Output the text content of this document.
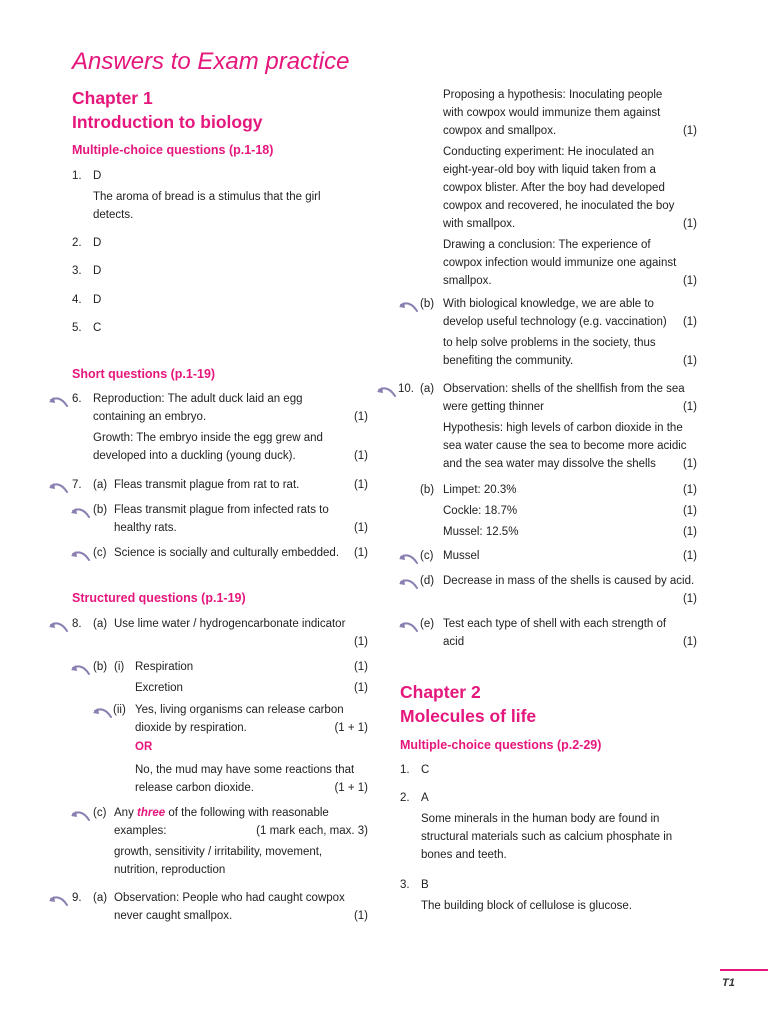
Answers to Exam practice
Chapter 1
Introduction to biology
Multiple-choice questions (p.1-18)
1. D
The aroma of bread is a stimulus that the girl
detects.
2. D
3. D
4. D
5. C
Short questions (p.1-19)
6. Reproduction: The adult duck laid an egg
containing an embryo.	(1)
Growth: The embryo inside the egg grew and
developed into a duckling (young duck).	(1)
7. (a) Fleas transmit plague from rat to rat.	(1)
(b) Fleas transmit plague from infected rats to
healthy rats.	(1)
(c) Science is socially and culturally embedded. (1)
Structured questions (p.1-19)
8. (a) Use lime water / hydrogencarbonate indicator
(1)
(b) (i) Respiration	(1)
Excretion	(1)
(ii) Yes, living organisms can release carbon
dioxide by respiration.	(1 + 1)
OR
No, the mud may have some reactions that
release carbon dioxide.	(1 + 1)
(c) Any three of the following with reasonable
examples:	(1 mark each, max. 3)
growth, sensitivity / irritability, movement,
nutrition, reproduction
9. (a) Observation: People who had caught cowpox
never caught smallpox.	(1)
Proposing a hypothesis: Inoculating people
with cowpox would immunize them against
cowpox and smallpox.	(1)
Conducting experiment: He inoculated an
eight-year-old boy with liquid taken from a
cowpox blister. After the boy had developed
cowpox and recovered, he inoculated the boy
with smallpox.	(1)
Drawing a conclusion: The experience of
cowpox infection would immunize one against
smallpox.	(1)
(b) With biological knowledge, we are able to
develop useful technology (e.g. vaccination) (1)
to help solve problems in the society, thus
benefiting the community.	(1)
10. (a) Observation: shells of the shellfish from the sea
were getting thinner	(1)
Hypothesis: high levels of carbon dioxide in the
sea water cause the sea to become more acidic
and the sea water may dissolve the shells (1)
(b) Limpet: 20.3%	(1)
Cockle: 18.7%	(1)
Mussel: 12.5%	(1)
(c) Mussel	(1)
(d) Decrease in mass of the shells is caused by acid.
(1)
(e) Test each type of shell with each strength of
acid	(1)
Chapter 2
Molecules of life
Multiple-choice questions (p.2-29)
1. C
2. A
Some minerals in the human body are found in
structural materials such as calcium phosphate in
bones and teeth.
3. B
The building block of cellulose is glucose.
T1
